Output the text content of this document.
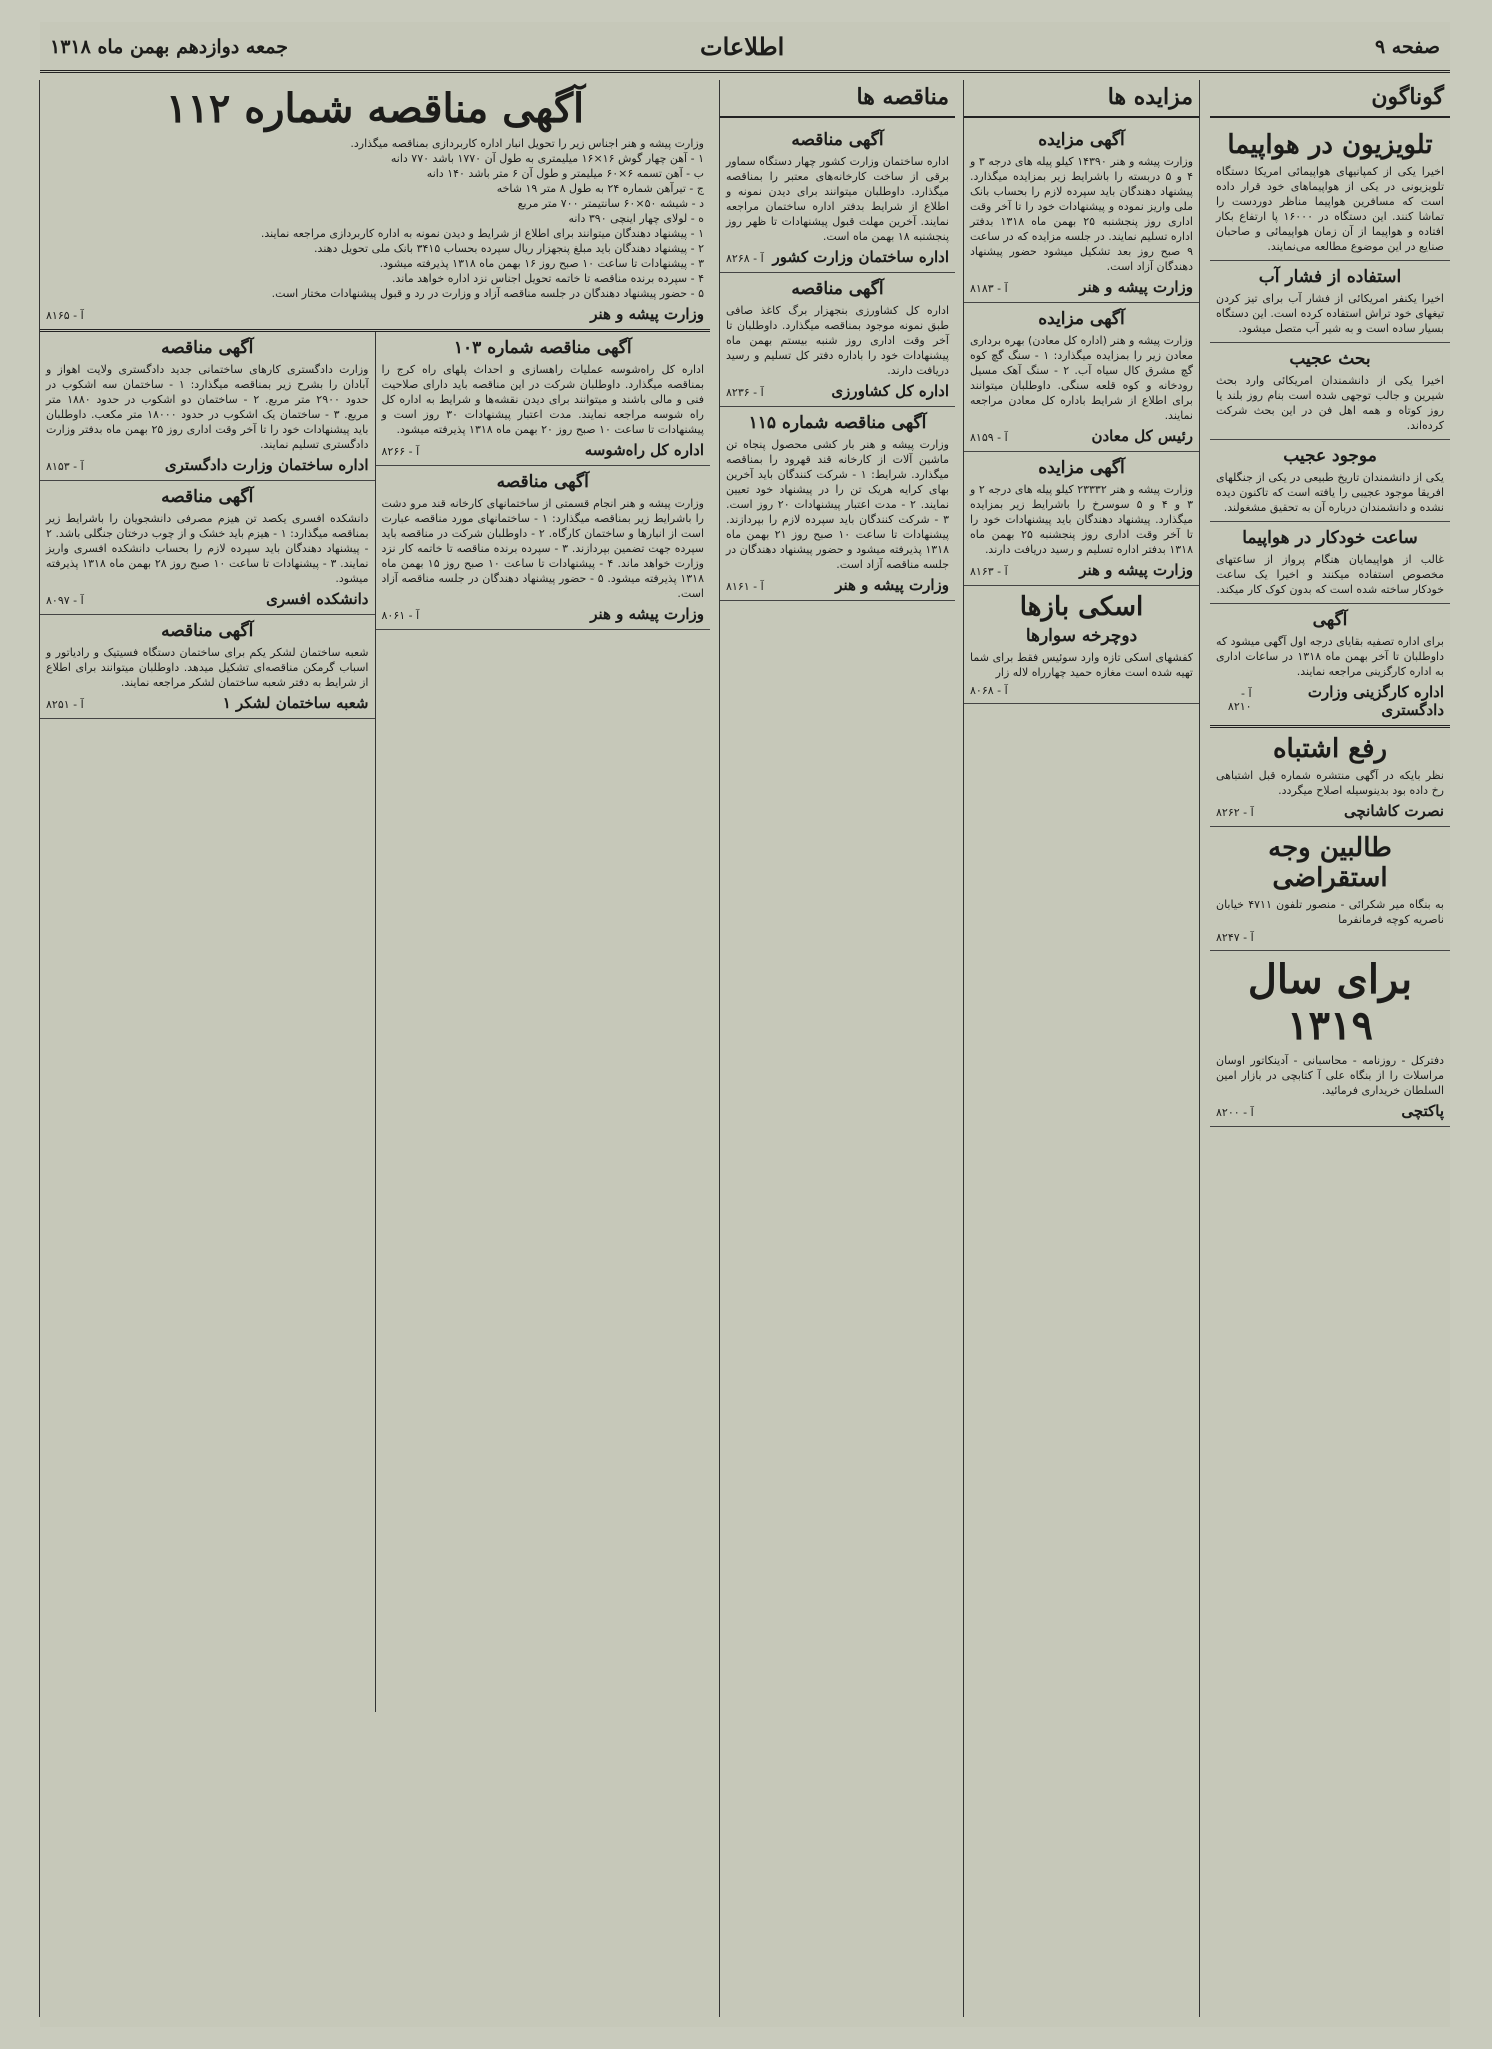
صفحه ۹
اطلاعات
جمعه دوازدهم بهمن ماه ۱۳۱۸
گوناگون
تلویزیون در هواپیما

اخیرا یکی از کمپانیهای هواپیمائی امریکا دستگاه تلویزیونی در یکی از هواپیماهای خود قرار داده است که مسافرین هواپیما مناظر دوردست را تماشا کنند. این دستگاه در ۱۶۰۰۰ پا ارتفاع بکار افتاده و هواپیما از آن زمان هواپیمائی و صاحبان صنایع در این موضوع مطالعه می‌نمایند.

استفاده از فشار آب

اخیرا یکنفر امریکائی از فشار آب برای تیز کردن تیغهای خود تراش استفاده کرده است. این دستگاه بسیار ساده است و به شیر آب متصل میشود.

بحث عجیب

اخیرا یکی از دانشمندان امریکائی وارد بحث شیرین و جالب توجهی شده است بنام روز بلند یا روز کوتاه و همه اهل فن در این بحث شرکت کرده‌اند.

موجود عجیب

یکی از دانشمندان تاریخ طبیعی در یکی از جنگلهای افریقا موجود عجیبی را یافته است که تاکنون دیده نشده و دانشمندان درباره آن به تحقیق مشغولند.

ساعت خودکار در هواپیما

غالب از هواپیمایان هنگام پرواز از ساعتهای مخصوص استفاده میکنند و اخیرا یک ساعت خودکار ساخته شده است که بدون کوک کار میکند.

آگهی

برای اداره تصفیه بقایای درجه اول آگهی میشود که داوطلبان تا آخر بهمن ماه ۱۳۱۸ در ساعات اداری به اداره کارگزینی مراجعه نمایند.

اداره کارگزینی وزارت دادگستری
آ - ۸۲۱۰
رفع اشتباه

نظر بایکه در آگهی منتشره شماره قبل اشتباهی رخ داده بود بدینوسیله اصلاح میگردد.

نصرت کاشانچی
آ - ۸۲۶۲
طالبین وجه استقراضی

به بنگاه میر شکرائی - منصور تلفون ۴۷۱۱ خیابان ناصریه کوچه فرمانفرما

آ - ۸۲۴۷
برای سال ۱۳۱۹

دفترکل - روزنامه - محاسبانی - آدینکاتور اوسان مراسلات را از بنگاه علی آ کتابچی در بازار امین السلطان خریداری فرمائید.

پاکتچی
آ - ۸۲۰۰
مزایده ها
آگهی مزایده

وزارت پیشه و هنر ۱۴۳۹۰ کیلو پیله های درجه ۳ و ۴ و ۵ دربسته را باشرایط زیر بمزایده میگذارد. پیشنهاد دهندگان باید سپرده لازم را بحساب بانک ملی واریز نموده و پیشنهادات خود را تا آخر وقت اداری روز پنجشنبه ۲۵ بهمن ماه ۱۳۱۸ بدفتر اداره تسلیم نمایند. در جلسه مزایده که در ساعت ۹ صبح روز بعد تشکیل میشود حضور پیشنهاد دهندگان آزاد است.

وزارت پیشه و هنر
آ - ۸۱۸۳
آگهی مزایده

وزارت پیشه و هنر (اداره کل معادن) بهره برداری معادن زیر را بمزایده میگذارد: ۱ - سنگ گچ کوه گچ مشرق کال سیاه آب. ۲ - سنگ آهک مسیل رودخانه و کوه قلعه سنگی. داوطلبان میتوانند برای اطلاع از شرایط باداره کل معادن مراجعه نمایند.

رئیس کل معادن
آ - ۸۱۵۹
آگهی مزایده

وزارت پیشه و هنر ۲۳۳۳۲ کیلو پیله های درجه ۲ و ۳ و ۴ و ۵ سوسرخ را باشرایط زیر بمزایده میگذارد. پیشنهاد دهندگان باید پیشنهادات خود را تا آخر وقت اداری روز پنجشنبه ۲۵ بهمن ماه ۱۳۱۸ بدفتر اداره تسلیم و رسید دریافت دارند.

وزارت پیشه و هنر
آ - ۸۱۶۳
اسکی بازها
دوچرخه سوارها

کفشهای اسکی تازه وارد سوئیس فقط برای شما تهیه شده است مغازه حمید چهارراه لاله زار

آ - ۸۰۶۸
مناقصه ها
آگهی مناقصه

اداره ساختمان وزارت کشور چهار دستگاه سماور برقی از ساخت کارخانه‌های معتبر را بمناقصه میگذارد. داوطلبان میتوانند برای دیدن نمونه و اطلاع از شرایط بدفتر اداره ساختمان مراجعه نمایند. آخرین مهلت قبول پیشنهادات تا ظهر روز پنجشنبه ۱۸ بهمن ماه است.

اداره ساختمان وزارت کشور
آ - ۸۲۶۸
آگهی مناقصه

اداره کل کشاورزی بنجهزار برگ کاغذ صافی طبق نمونه موجود بمناقصه میگذارد. داوطلبان تا آخر وقت اداری روز شنبه بیستم بهمن ماه پیشنهادات خود را باداره دفتر کل تسلیم و رسید دریافت دارند.

اداره کل کشاورزی
آ - ۸۲۳۶
آگهی مناقصه شماره ۱۱۵

وزارت پیشه و هنر بار کشی محصول پنجاه تن ماشین آلات از کارخانه قند قهرود را بمناقصه میگذارد. شرایط: ۱ - شرکت کنندگان باید آخرین بهای کرایه هریک تن را در پیشنهاد خود تعیین نمایند. ۲ - مدت اعتبار پیشنهادات ۲۰ روز است. ۳ - شرکت کنندگان باید سپرده لازم را بپردازند. پیشنهادات تا ساعت ۱۰ صبح روز ۲۱ بهمن ماه ۱۳۱۸ پذیرفته میشود و حضور پیشنهاد دهندگان در جلسه مناقصه آزاد است.

وزارت پیشه و هنر
آ - ۸۱۶۱
آگهی مناقصه شماره ۱۱۲

وزارت پیشه و هنر اجناس زیر را تحویل انبار اداره کاربردازی بمناقصه میگذارد.

۱ - آهن چهار گوش ۱۶×۱۶ میلیمتری به طول آن ۱۷۷۰ باشد ۷۷۰ دانه

ب - آهن تسمه ۶×۶۰ میلیمتر و طول آن ۶ متر باشد ۱۴۰ دانه

ج - تیرآهن شماره ۲۴ به طول ۸ متر ۱۹ شاخه

د - شیشه ۵۰×۶۰ سانتیمتر ۷۰۰ متر مربع

ه - لولای چهار اینچی ۳۹۰ دانه

۱ - پیشنهاد دهندگان میتوانند برای اطلاع از شرایط و دیدن نمونه به اداره کاربردازی مراجعه نمایند.

۲ - پیشنهاد دهندگان باید مبلغ پنجهزار ریال سپرده بحساب ۳۴۱۵ بانک ملی تحویل دهند.

۳ - پیشنهادات تا ساعت ۱۰ صبح روز ۱۶ بهمن ماه ۱۳۱۸ پذیرفته میشود.

۴ - سپرده برنده مناقصه تا خاتمه تحویل اجناس نزد اداره خواهد ماند.

۵ - حضور پیشنهاد دهندگان در جلسه مناقصه آزاد و وزارت در رد و قبول پیشنهادات مختار است.

وزارت پیشه و هنر
آ - ۸۱۶۵
آگهی مناقصه شماره ۱۰۳

اداره کل راه‌شوسه عملیات راهسازی و احداث پلهای راه کرج را بمناقصه میگذارد. داوطلبان شرکت در این مناقصه باید دارای صلاحیت فنی و مالی باشند و میتوانند برای دیدن نقشه‌ها و شرایط به اداره کل راه شوسه مراجعه نمایند. مدت اعتبار پیشنهادات ۳۰ روز است و پیشنهادات تا ساعت ۱۰ صبح روز ۲۰ بهمن ماه ۱۳۱۸ پذیرفته میشود.

اداره کل راه‌شوسه
آ - ۸۲۶۶
آگهی مناقصه

وزارت پیشه و هنر انجام قسمتی از ساختمانهای کارخانه قند مرو دشت را باشرایط زیر بمناقصه میگذارد: ۱ - ساختمانهای مورد مناقصه عبارت است از انبارها و ساختمان کارگاه. ۲ - داوطلبان شرکت در مناقصه باید سپرده جهت تضمین بپردازند. ۳ - سپرده برنده مناقصه تا خاتمه کار نزد وزارت خواهد ماند. ۴ - پیشنهادات تا ساعت ۱۰ صبح روز ۱۵ بهمن ماه ۱۳۱۸ پذیرفته میشود. ۵ - حضور پیشنهاد دهندگان در جلسه مناقصه آزاد است.

وزارت پیشه و هنر
آ - ۸۰۶۱
آگهی مناقصه

وزارت دادگستری کارهای ساختمانی جدید دادگستری ولایت اهواز و آبادان را بشرح زیر بمناقصه میگذارد: ۱ - ساختمان سه اشکوب در حدود ۲۹۰۰ متر مربع. ۲ - ساختمان دو اشکوب در حدود ۱۸۸۰ متر مربع. ۳ - ساختمان یک اشکوب در حدود ۱۸۰۰۰ متر مکعب. داوطلبان باید پیشنهادات خود را تا آخر وقت اداری روز ۲۵ بهمن ماه بدفتر وزارت دادگستری تسلیم نمایند.

اداره ساختمان وزارت دادگستری
آ - ۸۱۵۳
آگهی مناقصه

دانشکده افسری یکصد تن هیزم مصرفی دانشجویان را باشرایط زیر بمناقصه میگذارد: ۱ - هیزم باید خشک و از چوب درختان جنگلی باشد. ۲ - پیشنهاد دهندگان باید سپرده لازم را بحساب دانشکده افسری واریز نمایند. ۳ - پیشنهادات تا ساعت ۱۰ صبح روز ۲۸ بهمن ماه ۱۳۱۸ پذیرفته میشود.

دانشکده افسری
آ - ۸۰۹۷
آگهی مناقصه

شعبه ساختمان لشکر یکم برای ساختمان دستگاه فسیتیک و رادیاتور و اسباب گرمکن مناقصه‌ای تشکیل میدهد. داوطلبان میتوانند برای اطلاع از شرایط به دفتر شعبه ساختمان لشکر مراجعه نمایند.

شعبه ساختمان لشکر ۱
آ - ۸۲۵۱
